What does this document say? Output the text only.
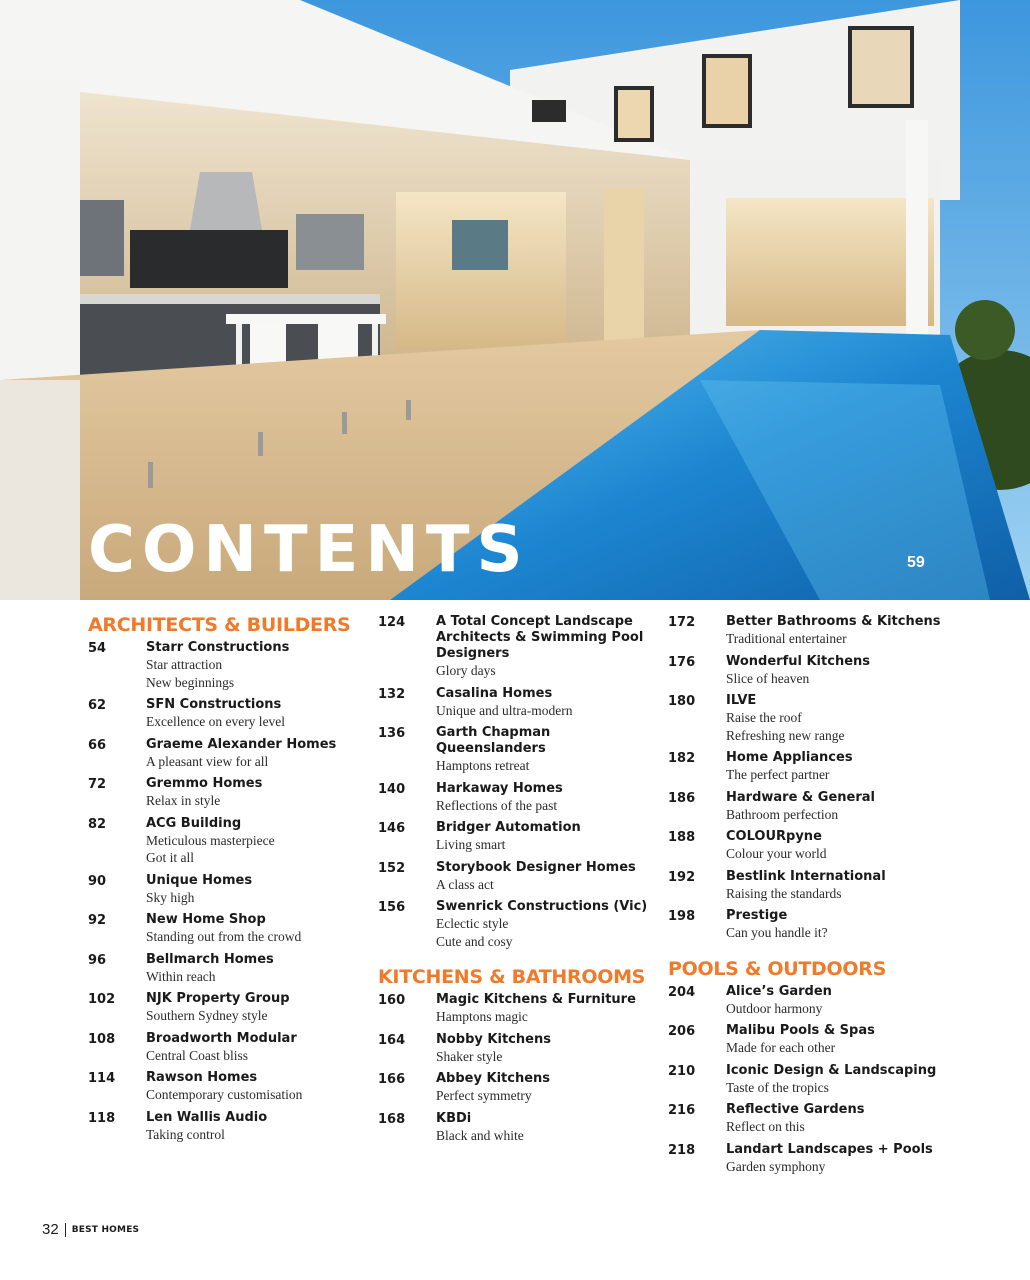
CONTENTS	59
ARCHITECTS & BUILDERS
54	Starr Constructions
Star attraction
New beginnings
62	SFN Constructions
Excellence on every level
66	Graeme Alexander Homes
A pleasant view for all
72	Gremmo Homes
Relax in style
82	ACG Building
Meticulous masterpiece
Got it all
90	Unique Homes
Sky high
92	New Home Shop
Standing out from the crowd
96	Bellmarch Homes
Within reach
102	NJK Property Group
Southern Sydney style
108	Broadworth Modular
Central Coast bliss
114	Rawson Homes
Contemporary customisation
118	Len Wallis Audio
Taking control
124	A Total Concept Landscape Architects & Swimming Pool Designers
Glory days
132	Casalina Homes
Unique and ultra-modern
136	Garth Chapman Queenslanders
Hamptons retreat
140	Harkaway Homes
Reflections of the past
146	Bridger Automation
Living smart
152	Storybook Designer Homes
A class act
156	Swenrick Constructions (Vic)
Eclectic style
Cute and cosy
KITCHENS & BATHROOMS
160	Magic Kitchens & Furniture
Hamptons magic
164	Nobby Kitchens
Shaker style
166	Abbey Kitchens
Perfect symmetry
168	KBDi
Black and white
172	Better Bathrooms & Kitchens
Traditional entertainer
176	Wonderful Kitchens
Slice of heaven
180	ILVE
Raise the roof
Refreshing new range
182	Home Appliances
The perfect partner
186	Hardware & General
Bathroom perfection
188	COLOURpyne
Colour your world
192	Bestlink International
Raising the standards
198	Prestige
Can you handle it?
POOLS & OUTDOORS
204	Alice’s Garden
Outdoor harmony
206	Malibu Pools & Spas
Made for each other
210	Iconic Design & Landscaping
Taste of the tropics
216	Reflective Gardens
Reflect on this
218	Landart Landscapes + Pools
Garden symphony
32 BEST HOMES
